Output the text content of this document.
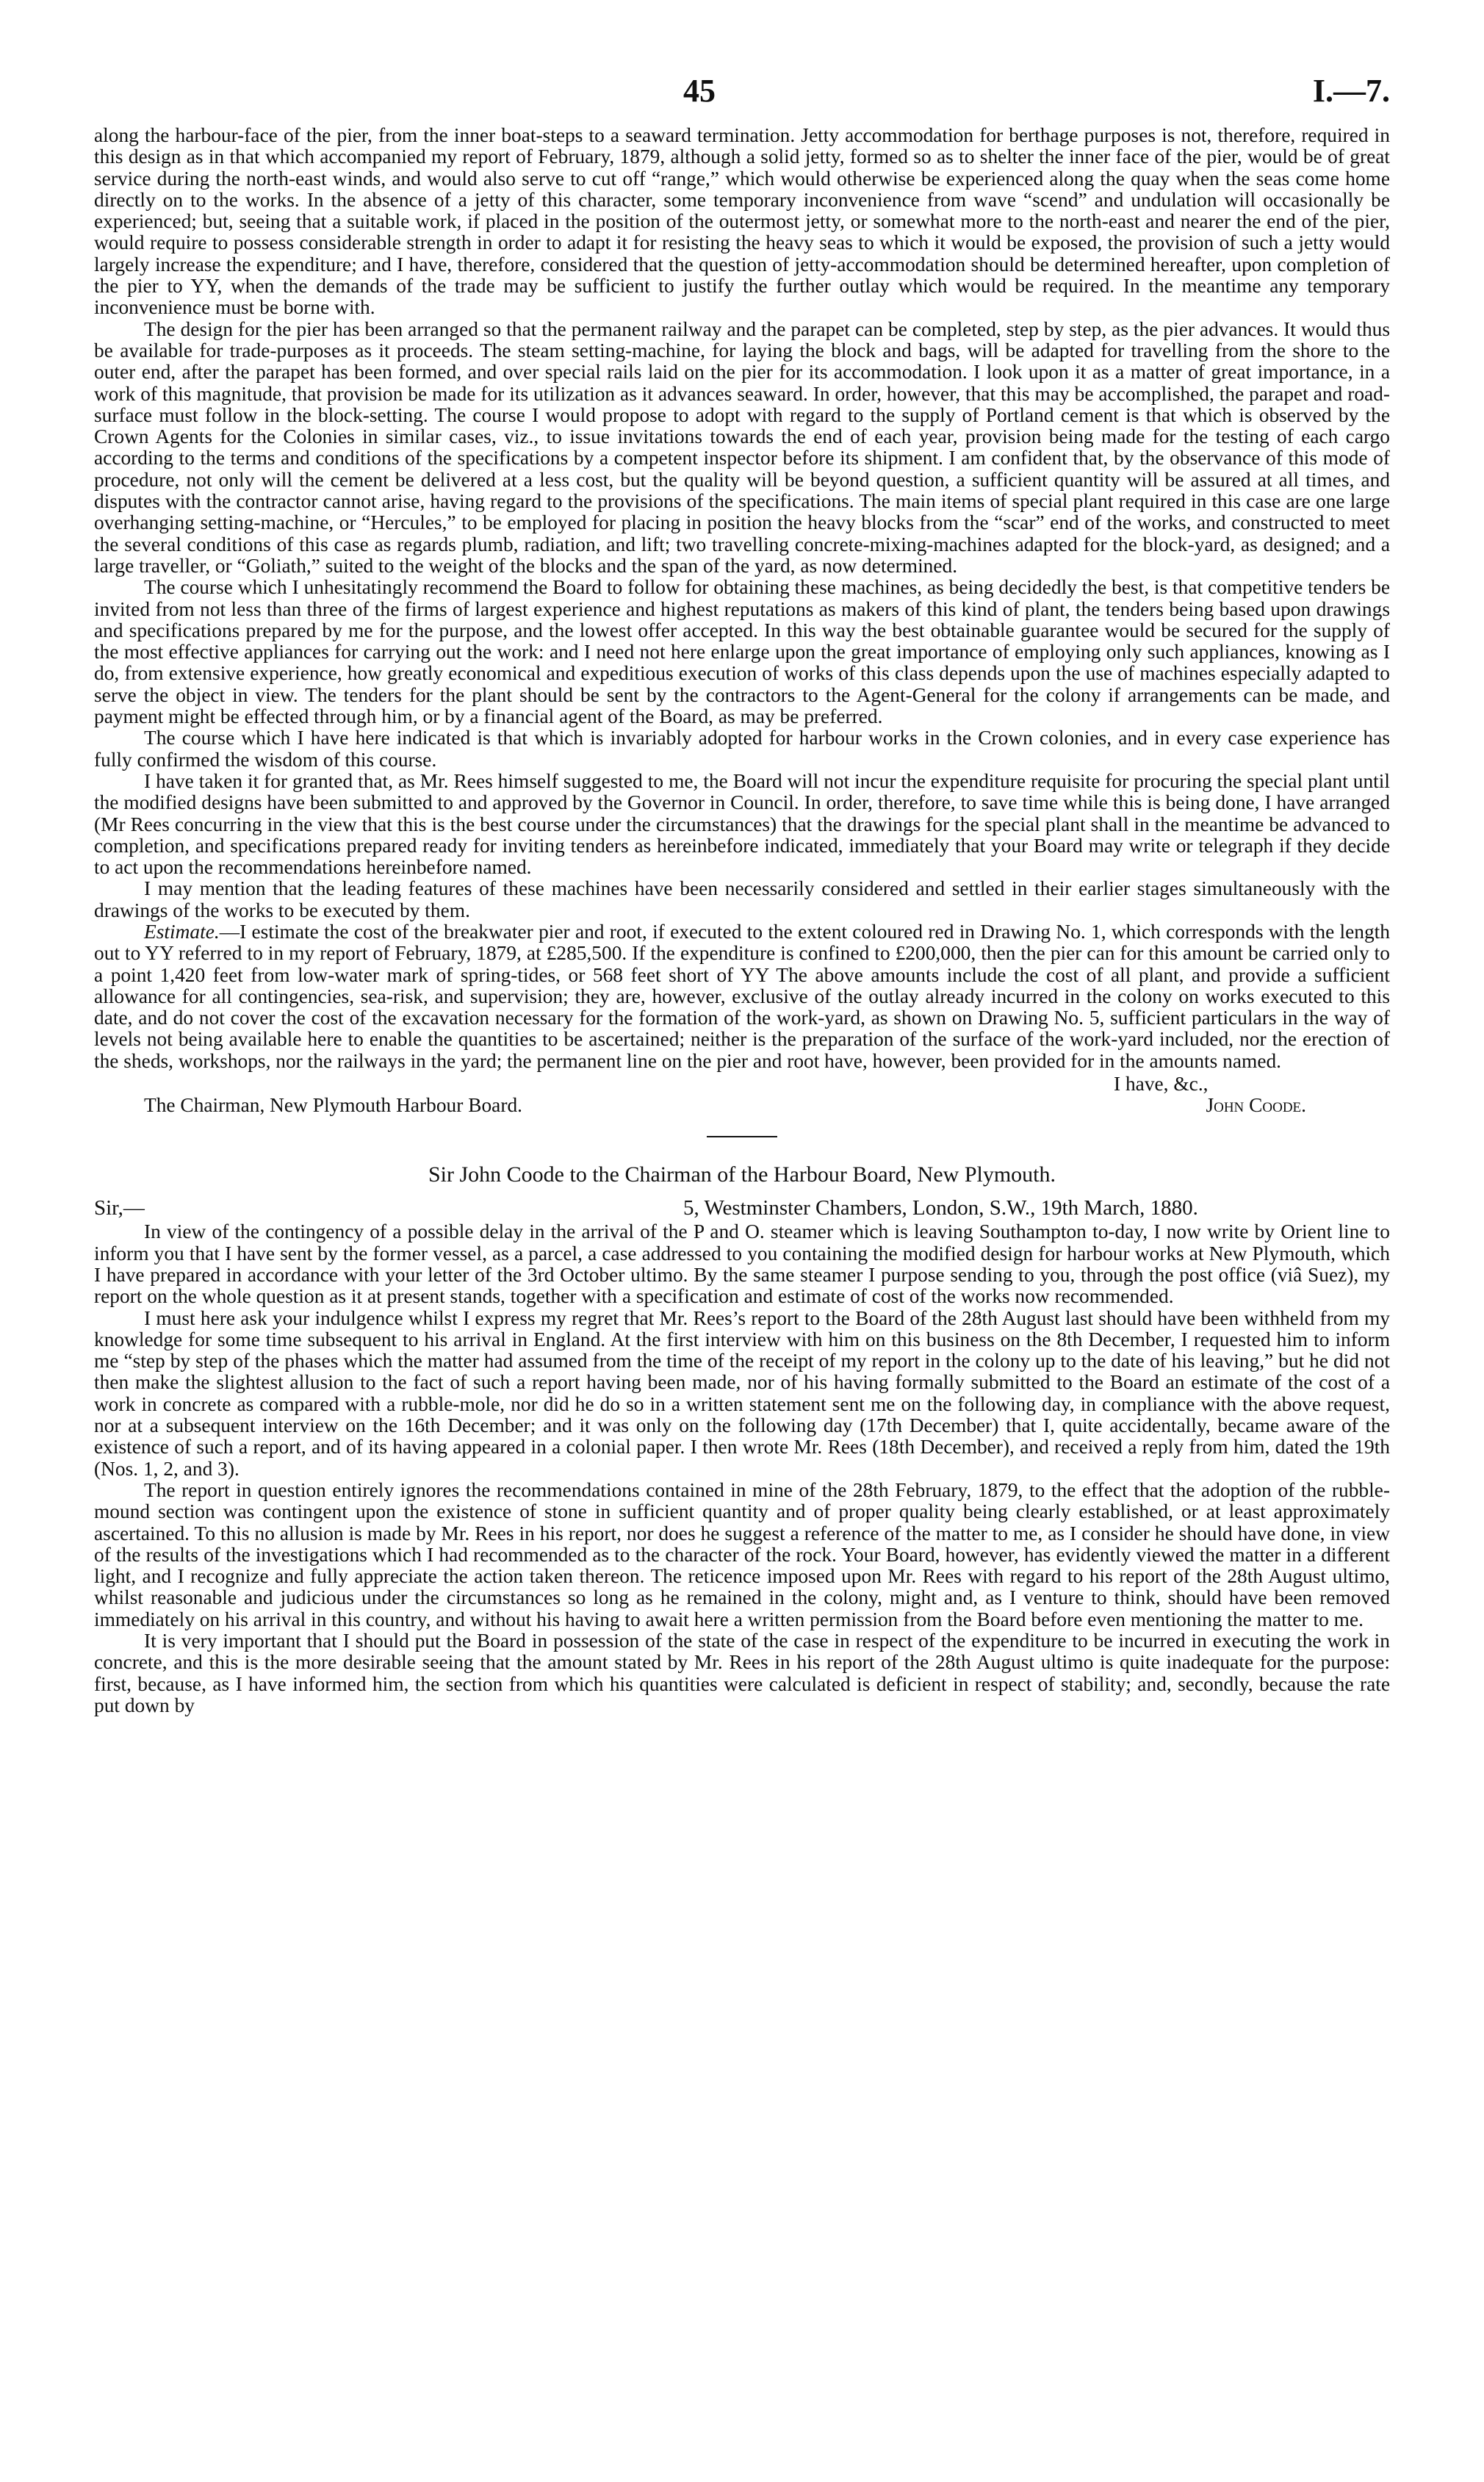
45	I.—7.

along the harbour-face of the pier, from the inner boat-steps to a seaward termination. Jetty accommodation for berthage purposes is not, therefore, required in this design as in that which accompanied my report of February, 1879, although a solid jetty, formed so as to shelter the inner face of the pier, would be of great service during the north-east winds, and would also serve to cut off “range,” which would otherwise be experienced along the quay when the seas come home directly on to the works. In the absence of a jetty of this character, some temporary inconvenience from wave “scend” and undulation will occasionally be experienced; but, seeing that a suitable work, if placed in the position of the outermost jetty, or somewhat more to the north-east and nearer the end of the pier, would require to possess considerable strength in order to adapt it for resisting the heavy seas to which it would be exposed, the provision of such a jetty would largely increase the expenditure; and I have, therefore, considered that the question of jetty-accommodation should be determined hereafter, upon completion of the pier to YY, when the demands of the trade may be sufficient to justify the further outlay which would be required. In the meantime any temporary inconvenience must be borne with.

The design for the pier has been arranged so that the permanent railway and the parapet can be completed, step by step, as the pier advances. It would thus be available for trade-purposes as it proceeds. The steam setting-machine, for laying the block and bags, will be adapted for travelling from the shore to the outer end, after the parapet has been formed, and over special rails laid on the pier for its accommodation. I look upon it as a matter of great importance, in a work of this magnitude, that provision be made for its utilization as it advances seaward. In order, however, that this may be accomplished, the parapet and road-surface must follow in the block-setting. The course I would propose to adopt with regard to the supply of Portland cement is that which is observed by the Crown Agents for the Colonies in similar cases, viz., to issue invitations towards the end of each year, provision being made for the testing of each cargo according to the terms and conditions of the specifications by a competent inspector before its shipment. I am confident that, by the observance of this mode of procedure, not only will the cement be delivered at a less cost, but the quality will be beyond question, a sufficient quantity will be assured at all times, and disputes with the contractor cannot arise, having regard to the provisions of the specifications. The main items of special plant required in this case are one large overhanging setting-machine, or “Hercules,” to be employed for placing in position the heavy blocks from the “scar” end of the works, and constructed to meet the several conditions of this case as regards plumb, radiation, and lift; two travelling concrete-mixing-machines adapted for the block-yard, as designed; and a large traveller, or “Goliath,” suited to the weight of the blocks and the span of the yard, as now determined.

The course which I unhesitatingly recommend the Board to follow for obtaining these machines, as being decidedly the best, is that competitive tenders be invited from not less than three of the firms of largest experience and highest reputations as makers of this kind of plant, the tenders being based upon drawings and specifications prepared by me for the purpose, and the lowest offer accepted. In this way the best obtainable guarantee would be secured for the supply of the most effective appliances for carrying out the work: and I need not here enlarge upon the great importance of employing only such appliances, knowing as I do, from extensive experience, how greatly economical and expeditious execution of works of this class depends upon the use of machines especially adapted to serve the object in view. The tenders for the plant should be sent by the contractors to the Agent-General for the colony if arrangements can be made, and payment might be effected through him, or by a financial agent of the Board, as may be preferred.

The course which I have here indicated is that which is invariably adopted for harbour works in the Crown colonies, and in every case experience has fully confirmed the wisdom of this course.

I have taken it for granted that, as Mr. Rees himself suggested to me, the Board will not incur the expenditure requisite for procuring the special plant until the modified designs have been submitted to and approved by the Governor in Council. In order, therefore, to save time while this is being done, I have arranged (Mr Rees concurring in the view that this is the best course under the circumstances) that the drawings for the special plant shall in the meantime be advanced to completion, and specifications prepared ready for inviting tenders as hereinbefore indicated, immediately that your Board may write or telegraph if they decide to act upon the recommendations hereinbefore named.

I may mention that the leading features of these machines have been necessarily considered and settled in their earlier stages simultaneously with the drawings of the works to be executed by them.

Estimate.—I estimate the cost of the breakwater pier and root, if executed to the extent coloured red in Drawing No. 1, which corresponds with the length out to YY referred to in my report of February, 1879, at £285,500. If the expenditure is confined to £200,000, then the pier can for this amount be carried only to a point 1,420 feet from low-water mark of spring-tides, or 568 feet short of YY The above amounts include the cost of all plant, and provide a sufficient allowance for all contingencies, sea-risk, and supervision; they are, however, exclusive of the outlay already incurred in the colony on works executed to this date, and do not cover the cost of the excavation necessary for the formation of the work-yard, as shown on Drawing No. 5, sufficient particulars in the way of levels not being available here to enable the quantities to be ascertained; neither is the preparation of the surface of the work-yard included, nor the erection of the sheds, workshops, nor the railways in the yard; the permanent line on the pier and root have, however, been provided for in the amounts named.

I have, &c.,

The Chairman, New Plymouth Harbour Board.	John Coode.
Sir John Coode to the Chairman of the Harbour Board, New Plymouth.
Sir,—	5, Westminster Chambers, London, S.W., 19th March, 1880.

In view of the contingency of a possible delay in the arrival of the P and O. steamer which is leaving Southampton to-day, I now write by Orient line to inform you that I have sent by the former vessel, as a parcel, a case addressed to you containing the modified design for harbour works at New Plymouth, which I have prepared in accordance with your letter of the 3rd October ultimo. By the same steamer I purpose sending to you, through the post office (viâ Suez), my report on the whole question as it at present stands, together with a specification and estimate of cost of the works now recommended.

I must here ask your indulgence whilst I express my regret that Mr. Rees’s report to the Board of the 28th August last should have been withheld from my knowledge for some time subsequent to his arrival in England. At the first interview with him on this business on the 8th December, I requested him to inform me “step by step of the phases which the matter had assumed from the time of the receipt of my report in the colony up to the date of his leaving,” but he did not then make the slightest allusion to the fact of such a report having been made, nor of his having formally submitted to the Board an estimate of the cost of a work in concrete as compared with a rubble-mole, nor did he do so in a written statement sent me on the following day, in compliance with the above request, nor at a subsequent interview on the 16th December; and it was only on the following day (17th December) that I, quite accidentally, became aware of the existence of such a report, and of its having appeared in a colonial paper. I then wrote Mr. Rees (18th December), and received a reply from him, dated the 19th (Nos. 1, 2, and 3).

The report in question entirely ignores the recommendations contained in mine of the 28th February, 1879, to the effect that the adoption of the rubble-mound section was contingent upon the existence of stone in sufficient quantity and of proper quality being clearly established, or at least approximately ascertained. To this no allusion is made by Mr. Rees in his report, nor does he suggest a reference of the matter to me, as I consider he should have done, in view of the results of the investigations which I had recommended as to the character of the rock. Your Board, however, has evidently viewed the matter in a different light, and I recognize and fully appreciate the action taken thereon. The reticence imposed upon Mr. Rees with regard to his report of the 28th August ultimo, whilst reasonable and judicious under the circumstances so long as he remained in the colony, might and, as I venture to think, should have been removed immediately on his arrival in this country, and without his having to await here a written permission from the Board before even mentioning the matter to me.

It is very important that I should put the Board in possession of the state of the case in respect of the expenditure to be incurred in executing the work in concrete, and this is the more desirable seeing that the amount stated by Mr. Rees in his report of the 28th August ultimo is quite inadequate for the purpose: first, because, as I have informed him, the section from which his quantities were calculated is deficient in respect of stability; and, secondly, because the rate put down by
